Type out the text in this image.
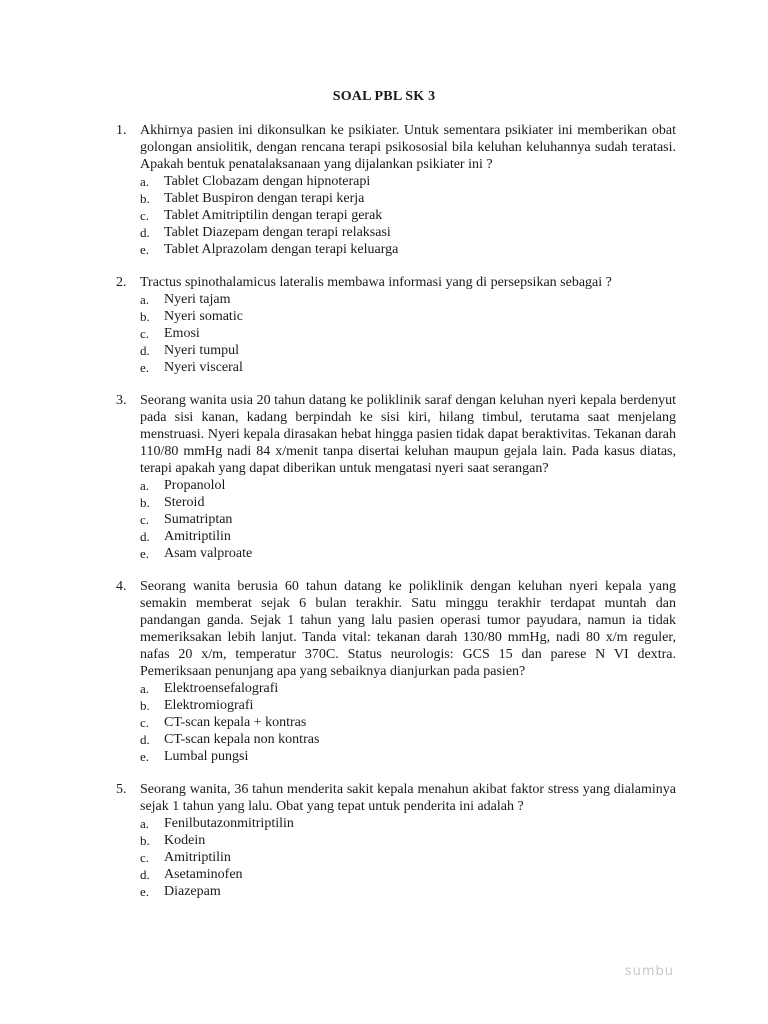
SOAL PBL SK 3
1. Akhirnya pasien ini dikonsulkan ke psikiater. Untuk sementara psikiater ini memberikan obat golongan ansiolitik, dengan rencana terapi psikososial bila keluhan keluhannya sudah teratasi. Apakah bentuk penatalaksanaan yang dijalankan psikiater ini ?
a. Tablet Clobazam dengan hipnoterapi
b. Tablet Buspiron dengan terapi kerja
c. Tablet Amitriptilin dengan terapi gerak
d. Tablet Diazepam dengan terapi relaksasi
e. Tablet Alprazolam dengan terapi keluarga
2. Tractus spinothalamicus lateralis membawa informasi yang di persepsikan sebagai ?
a. Nyeri tajam
b. Nyeri somatic
c. Emosi
d. Nyeri tumpul
e. Nyeri visceral
3. Seorang wanita usia 20 tahun datang ke poliklinik saraf dengan keluhan nyeri kepala berdenyut pada sisi kanan, kadang berpindah ke sisi kiri, hilang timbul, terutama saat menjelang menstruasi. Nyeri kepala dirasakan hebat hingga pasien tidak dapat beraktivitas. Tekanan darah 110/80 mmHg nadi 84 x/menit tanpa disertai keluhan maupun gejala lain. Pada kasus diatas, terapi apakah yang dapat diberikan untuk mengatasi nyeri saat serangan?
a. Propanolol
b. Steroid
c. Sumatriptan
d. Amitriptilin
e. Asam valproate
4. Seorang wanita berusia 60 tahun datang ke poliklinik dengan keluhan nyeri kepala yang semakin memberat sejak 6 bulan terakhir. Satu minggu terakhir terdapat muntah dan pandangan ganda. Sejak 1 tahun yang lalu pasien operasi tumor payudara, namun ia tidak memeriksakan lebih lanjut. Tanda vital: tekanan darah 130/80 mmHg, nadi 80 x/m reguler, nafas 20 x/m, temperatur 370C. Status neurologis: GCS 15 dan parese N VI dextra. Pemeriksaan penunjang apa yang sebaiknya dianjurkan pada pasien?
a. Elektroensefalografi
b. Elektromiografi
c. CT-scan kepala + kontras
d. CT-scan kepala non kontras
e. Lumbal pungsi
5. Seorang wanita, 36 tahun menderita sakit kepala menahun akibat faktor stress yang dialaminya sejak 1 tahun yang lalu. Obat yang tepat untuk penderita ini adalah ?
a. Fenilbutazonmitriptilin
b. Kodein
c. Amitriptilin
d. Asetaminofen
e. Diazepam
sumbu
